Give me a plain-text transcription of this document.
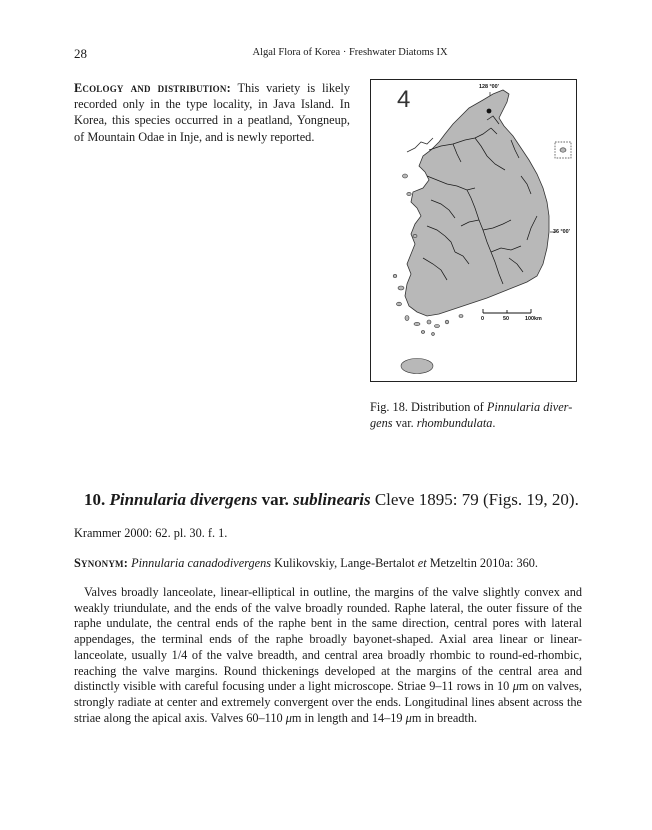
28	Algal Flora of Korea · Freshwater Diatoms IX
Ecology and distribution: This variety is likely recorded only in the type locality, in Java Island. In Korea, this species occurred in a peatland, Yongneup, of Mountain Odae in Inje, and is newly reported.
4	128 °00'
36 °00'
0	50	100km
Fig. 18. Distribution of Pinnularia diver-gens var. rhombundulata.
10. Pinnularia divergens var. sublinearis Cleve 1895: 79 (Figs. 19, 20).
Krammer 2000: 62. pl. 30. f. 1.
Synonym: Pinnularia canadodivergens Kulikovskiy, Lange-Bertalot et Metzeltin 2010a: 360.
Valves broadly lanceolate, linear-elliptical in outline, the margins of the valve slightly convex and weakly triundulate, and the ends of the valve broadly rounded. Raphe lateral, the outer fissure of the raphe undulate, the central ends of the raphe bent in the same direction, central pores with lateral appendages, the terminal ends of the raphe broadly bayonet-shaped. Axial area linear or linear-lanceolate, usually 1/4 of the valve breadth, and central area broadly rhombic to round-ed-rhombic, reaching the valve margins. Round thickenings developed at the margins of the central area and distinctly visible with careful focusing under a light microscope. Striae 9–11 rows in 10 μm on valves, strongly radiate at center and extremely convergent over the ends. Longitudinal lines absent across the striae along the apical axis. Valves 60–110 μm in length and 14–19 μm in breadth.
